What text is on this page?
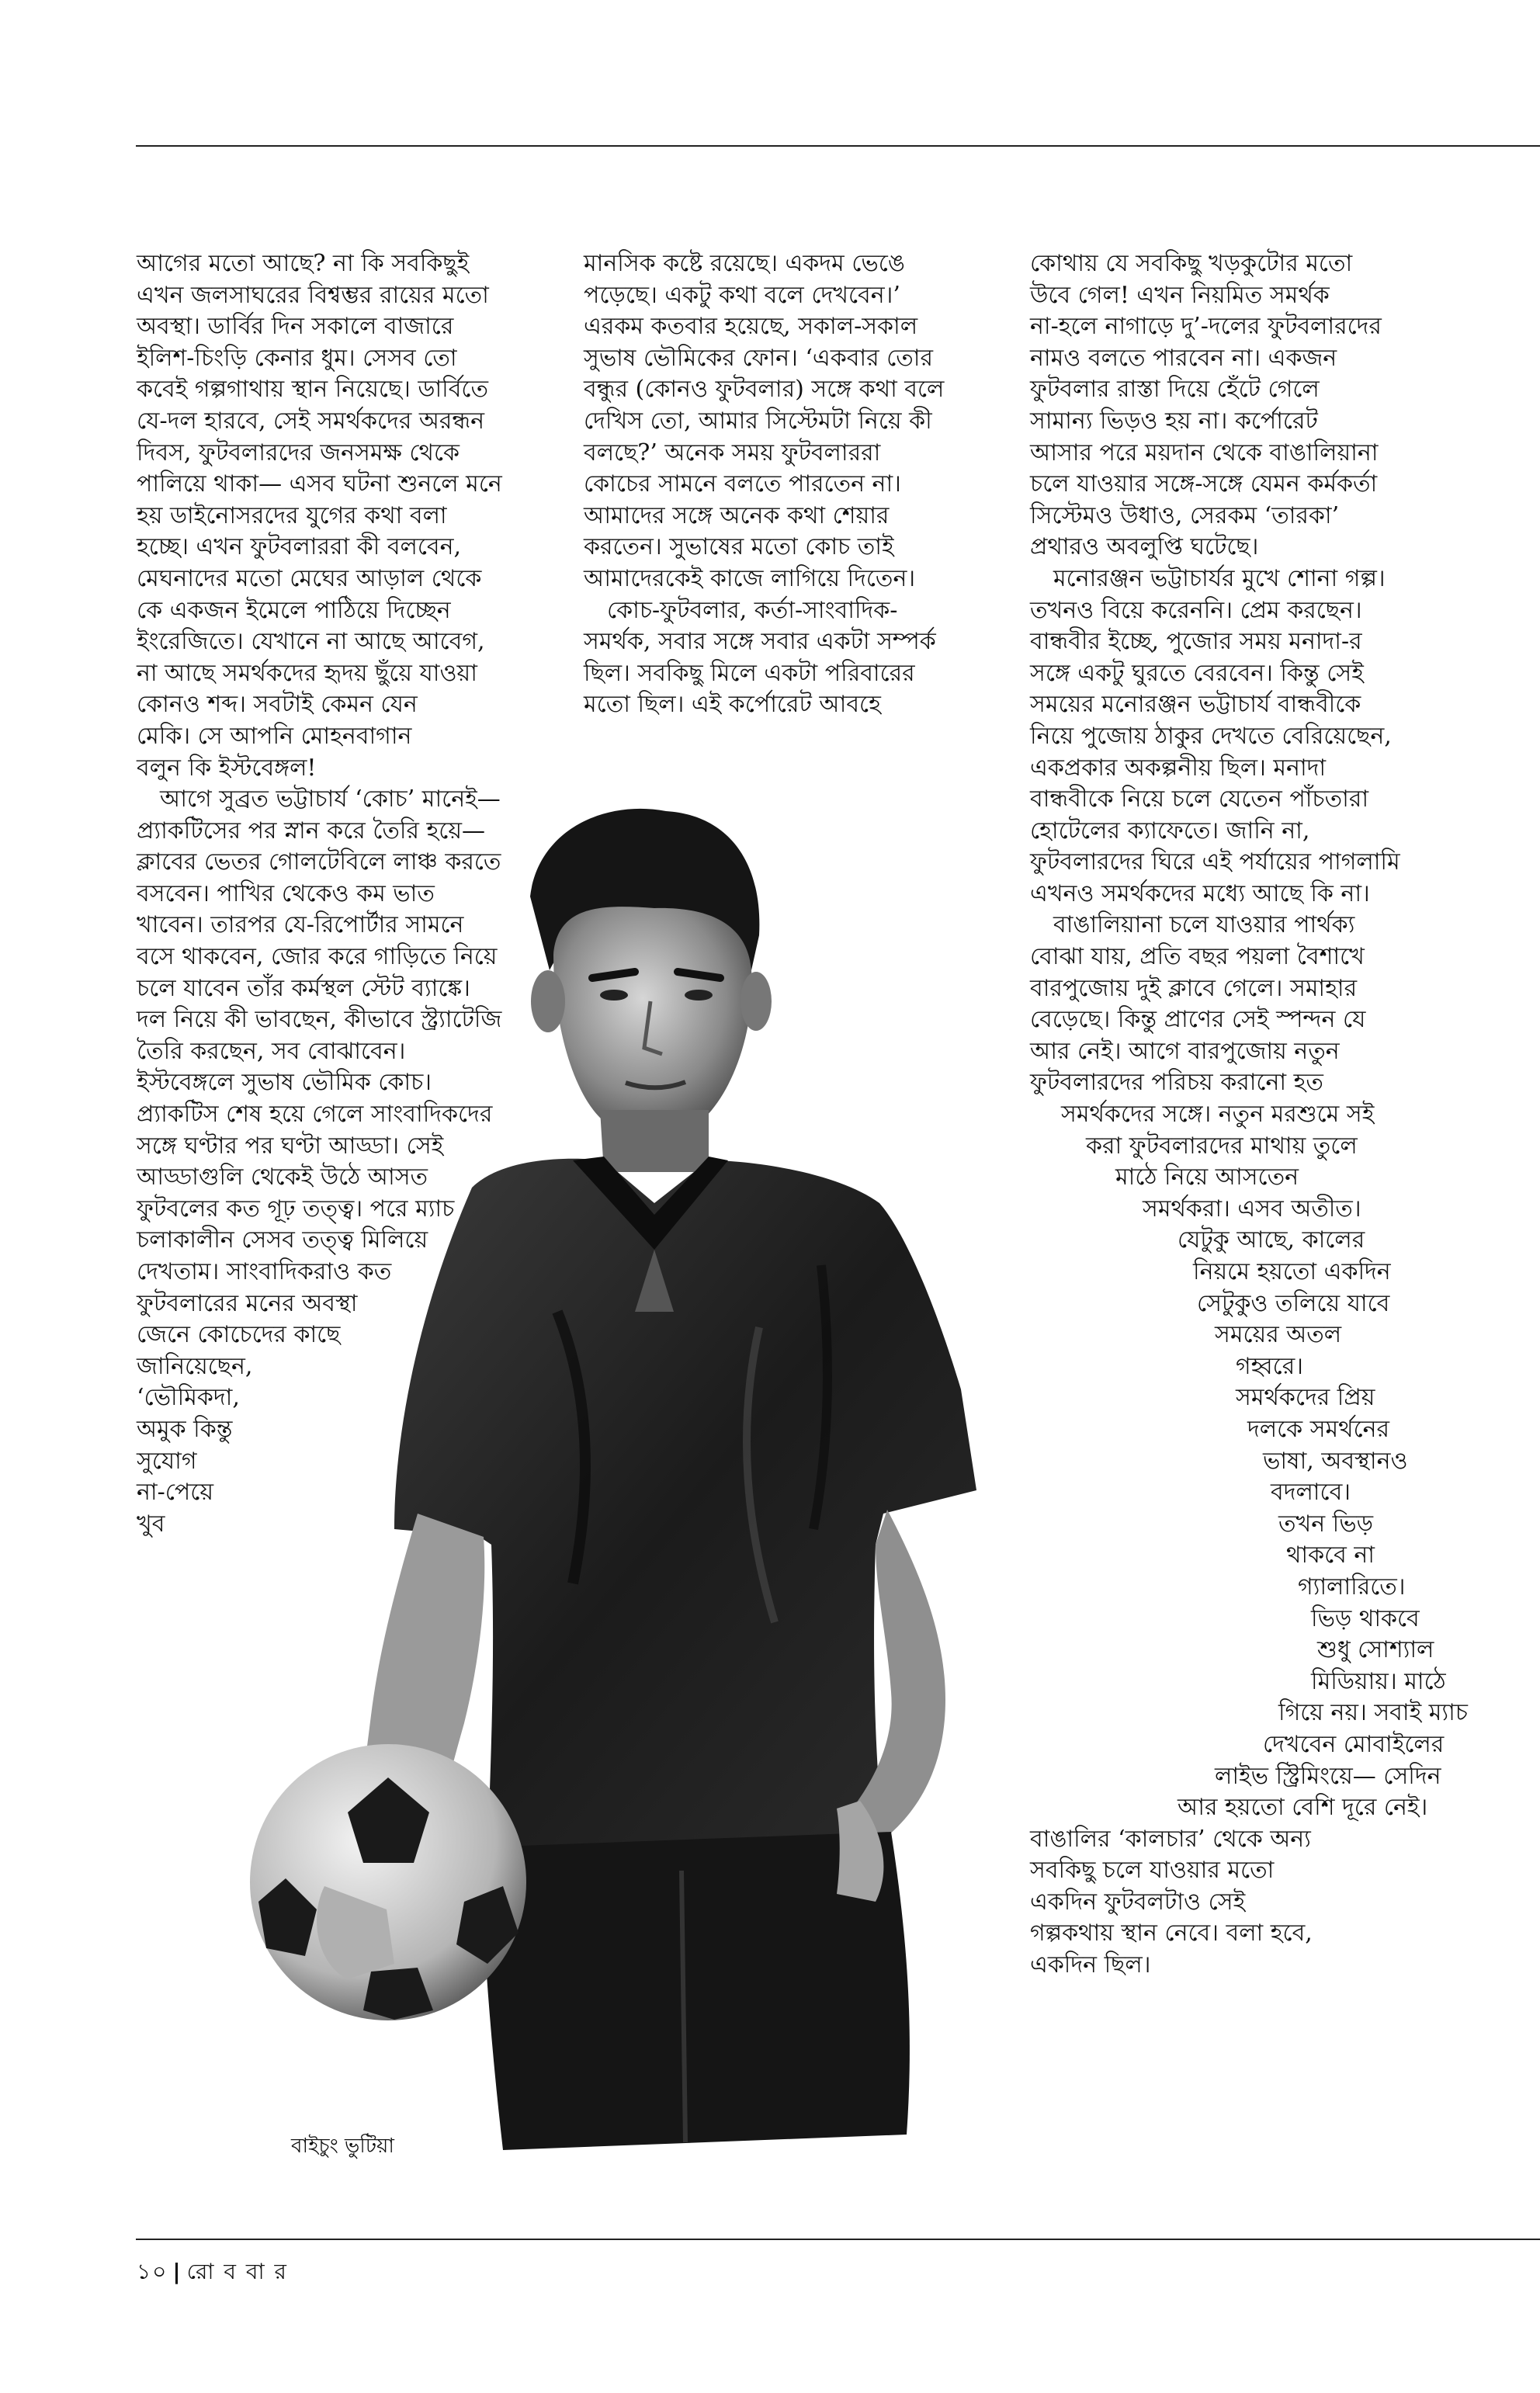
আগের মতো আছে? না কি সবকিছুই
এখন জলসাঘরের বিশ্বম্ভর রায়ের মতো
অবস্থা। ডার্বির দিন সকালে বাজারে
ইলিশ-চিংড়ি কেনার ধুম। সেসব তো
কবেই গল্পগাথায় স্থান নিয়েছে। ডার্বিতে
যে-দল হারবে, সেই সমর্থকদের অরন্ধন
দিবস, ফুটবলারদের জনসমক্ষ থেকে
পালিয়ে থাকা— এসব ঘটনা শুনলে মনে
হয় ডাইনোসরদের যুগের কথা বলা
হচ্ছে। এখন ফুটবলাররা কী বলবেন,
মেঘনাদের মতো মেঘের আড়াল থেকে
কে একজন ইমেলে পাঠিয়ে দিচ্ছেন
ইংরেজিতে। যেখানে না আছে আবেগ,
না আছে সমর্থকদের হৃদয় ছুঁয়ে যাওয়া
কোনও শব্দ। সবটাই কেমন যেন
মেকি। সে আপনি মোহনবাগান
বলুন কি ইস্টবেঙ্গল!

আগে সুব্রত ভট্টাচার্য ‘কোচ’ মানেই—
প্র্যাকটিসের পর স্নান করে তৈরি হয়ে—
ক্লাবের ভেতর গোলটেবিলে লাঞ্চ করতে
বসবেন। পাখির থেকেও কম ভাত
খাবেন। তারপর যে-রিপোর্টার সামনে
বসে থাকবেন, জোর করে গাড়িতে নিয়ে
চলে যাবেন তাঁর কর্মস্থল স্টেট ব্যাঙ্কে।
দল নিয়ে কী ভাবছেন, কীভাবে স্ট্র্যাটেজি
তৈরি করছেন, সব বোঝাবেন।
ইস্টবেঙ্গলে সুভাষ ভৌমিক কোচ।
প্র্যাকটিস শেষ হয়ে গেলে সাংবাদিকদের
সঙ্গে ঘণ্টার পর ঘণ্টা আড্ডা। সেই
আড্ডাগুলি থেকেই উঠে আসত
ফুটবলের কত গূঢ় তত্ত্ব। পরে ম্যাচ
চলাকালীন সেসব তত্ত্ব মিলিয়ে
দেখতাম। সাংবাদিকরাও কত
ফুটবলারের মনের অবস্থা
জেনে কোচেদের কাছে
জানিয়েছেন,
‘ভৌমিকদা,
অমুক কিন্তু
সুযোগ
না-পেয়ে
খুব

মানসিক কষ্টে রয়েছে। একদম ভেঙে
পড়েছে। একটু কথা বলে দেখবেন।’
এরকম কতবার হয়েছে, সকাল-সকাল
সুভাষ ভৌমিকের ফোন। ‘একবার তোর
বন্ধুর (কোনও ফুটবলার) সঙ্গে কথা বলে
দেখিস তো, আমার সিস্টেমটা নিয়ে কী
বলছে?’ অনেক সময় ফুটবলাররা
কোচের সামনে বলতে পারতেন না।
আমাদের সঙ্গে অনেক কথা শেয়ার
করতেন। সুভাষের মতো কোচ তাই
আমাদেরকেই কাজে লাগিয়ে দিতেন।

কোচ-ফুটবলার, কর্তা-সাংবাদিক-
সমর্থক, সবার সঙ্গে সবার একটা সম্পর্ক
ছিল। সবকিছু মিলে একটা পরিবারের
মতো ছিল। এই কর্পোরেট আবহে

কোথায় যে সবকিছু খড়কুটোর মতো
উবে গেল! এখন নিয়মিত সমর্থক
না-হলে নাগাড়ে দু’-দলের ফুটবলারদের
নামও বলতে পারবেন না। একজন
ফুটবলার রাস্তা দিয়ে হেঁটে গেলে
সামান্য ভিড়ও হয় না। কর্পোরেট
আসার পরে ময়দান থেকে বাঙালিয়ানা
চলে যাওয়ার সঙ্গে-সঙ্গে যেমন কর্মকর্তা
সিস্টেমও উধাও, সেরকম ‘তারকা’
প্রথারও অবলুপ্তি ঘটেছে।

মনোরঞ্জন ভট্টাচার্যর মুখে শোনা গল্প।
তখনও বিয়ে করেননি। প্রেম করছেন।
বান্ধবীর ইচ্ছে, পুজোর সময় মনাদা-র
সঙ্গে একটু ঘুরতে বেরবেন। কিন্তু সেই
সময়ের মনোরঞ্জন ভট্টাচার্য বান্ধবীকে
নিয়ে পুজোয় ঠাকুর দেখতে বেরিয়েছেন,
একপ্রকার অকল্পনীয় ছিল। মনাদা
বান্ধবীকে নিয়ে চলে যেতেন পাঁচতারা
হোটেলের ক্যাফেতে। জানি না,
ফুটবলারদের ঘিরে এই পর্যায়ের পাগলামি
এখনও সমর্থকদের মধ্যে আছে কি না।

বাঙালিয়ানা চলে যাওয়ার পার্থক্য
বোঝা যায়, প্রতি বছর পয়লা বৈশাখে
বারপুজোয় দুই ক্লাবে গেলে। সমাহার
বেড়েছে। কিন্তু প্রাণের সেই স্পন্দন যে
আর নেই। আগে বারপুজোয় নতুন
ফুটবলারদের পরিচয় করানো হত
সমর্থকদের সঙ্গে। নতুন মরশুমে সই
করা ফুটবলারদের মাথায় তুলে
মাঠে নিয়ে আসতেন
সমর্থকরা। এসব অতীত।
যেটুকু আছে, কালের
নিয়মে হয়তো একদিন
সেটুকুও তলিয়ে যাবে
সময়ের অতল
গহ্বরে।

সমর্থকদের প্রিয়
দলকে সমর্থনের
ভাষা, অবস্থানও
বদলাবে।
তখন ভিড়
থাকবে না
গ্যালারিতে।
ভিড় থাকবে
শুধু সোশ্যাল
মিডিয়ায়। মাঠে
গিয়ে নয়। সবাই ম্যাচ
দেখবেন মোবাইলের
লাইভ স্ট্রিমিংয়ে— সেদিন
আর হয়তো বেশি দূরে নেই।
বাঙালির ‘কালচার’ থেকে অন্য
সবকিছু চলে যাওয়ার মতো
একদিন ফুটবলটাও সেই
গল্পকথায় স্থান নেবে। বলা হবে,
একদিন ছিল।

বাইচুং ভুটিয়া
১০ | রো ব বা র
